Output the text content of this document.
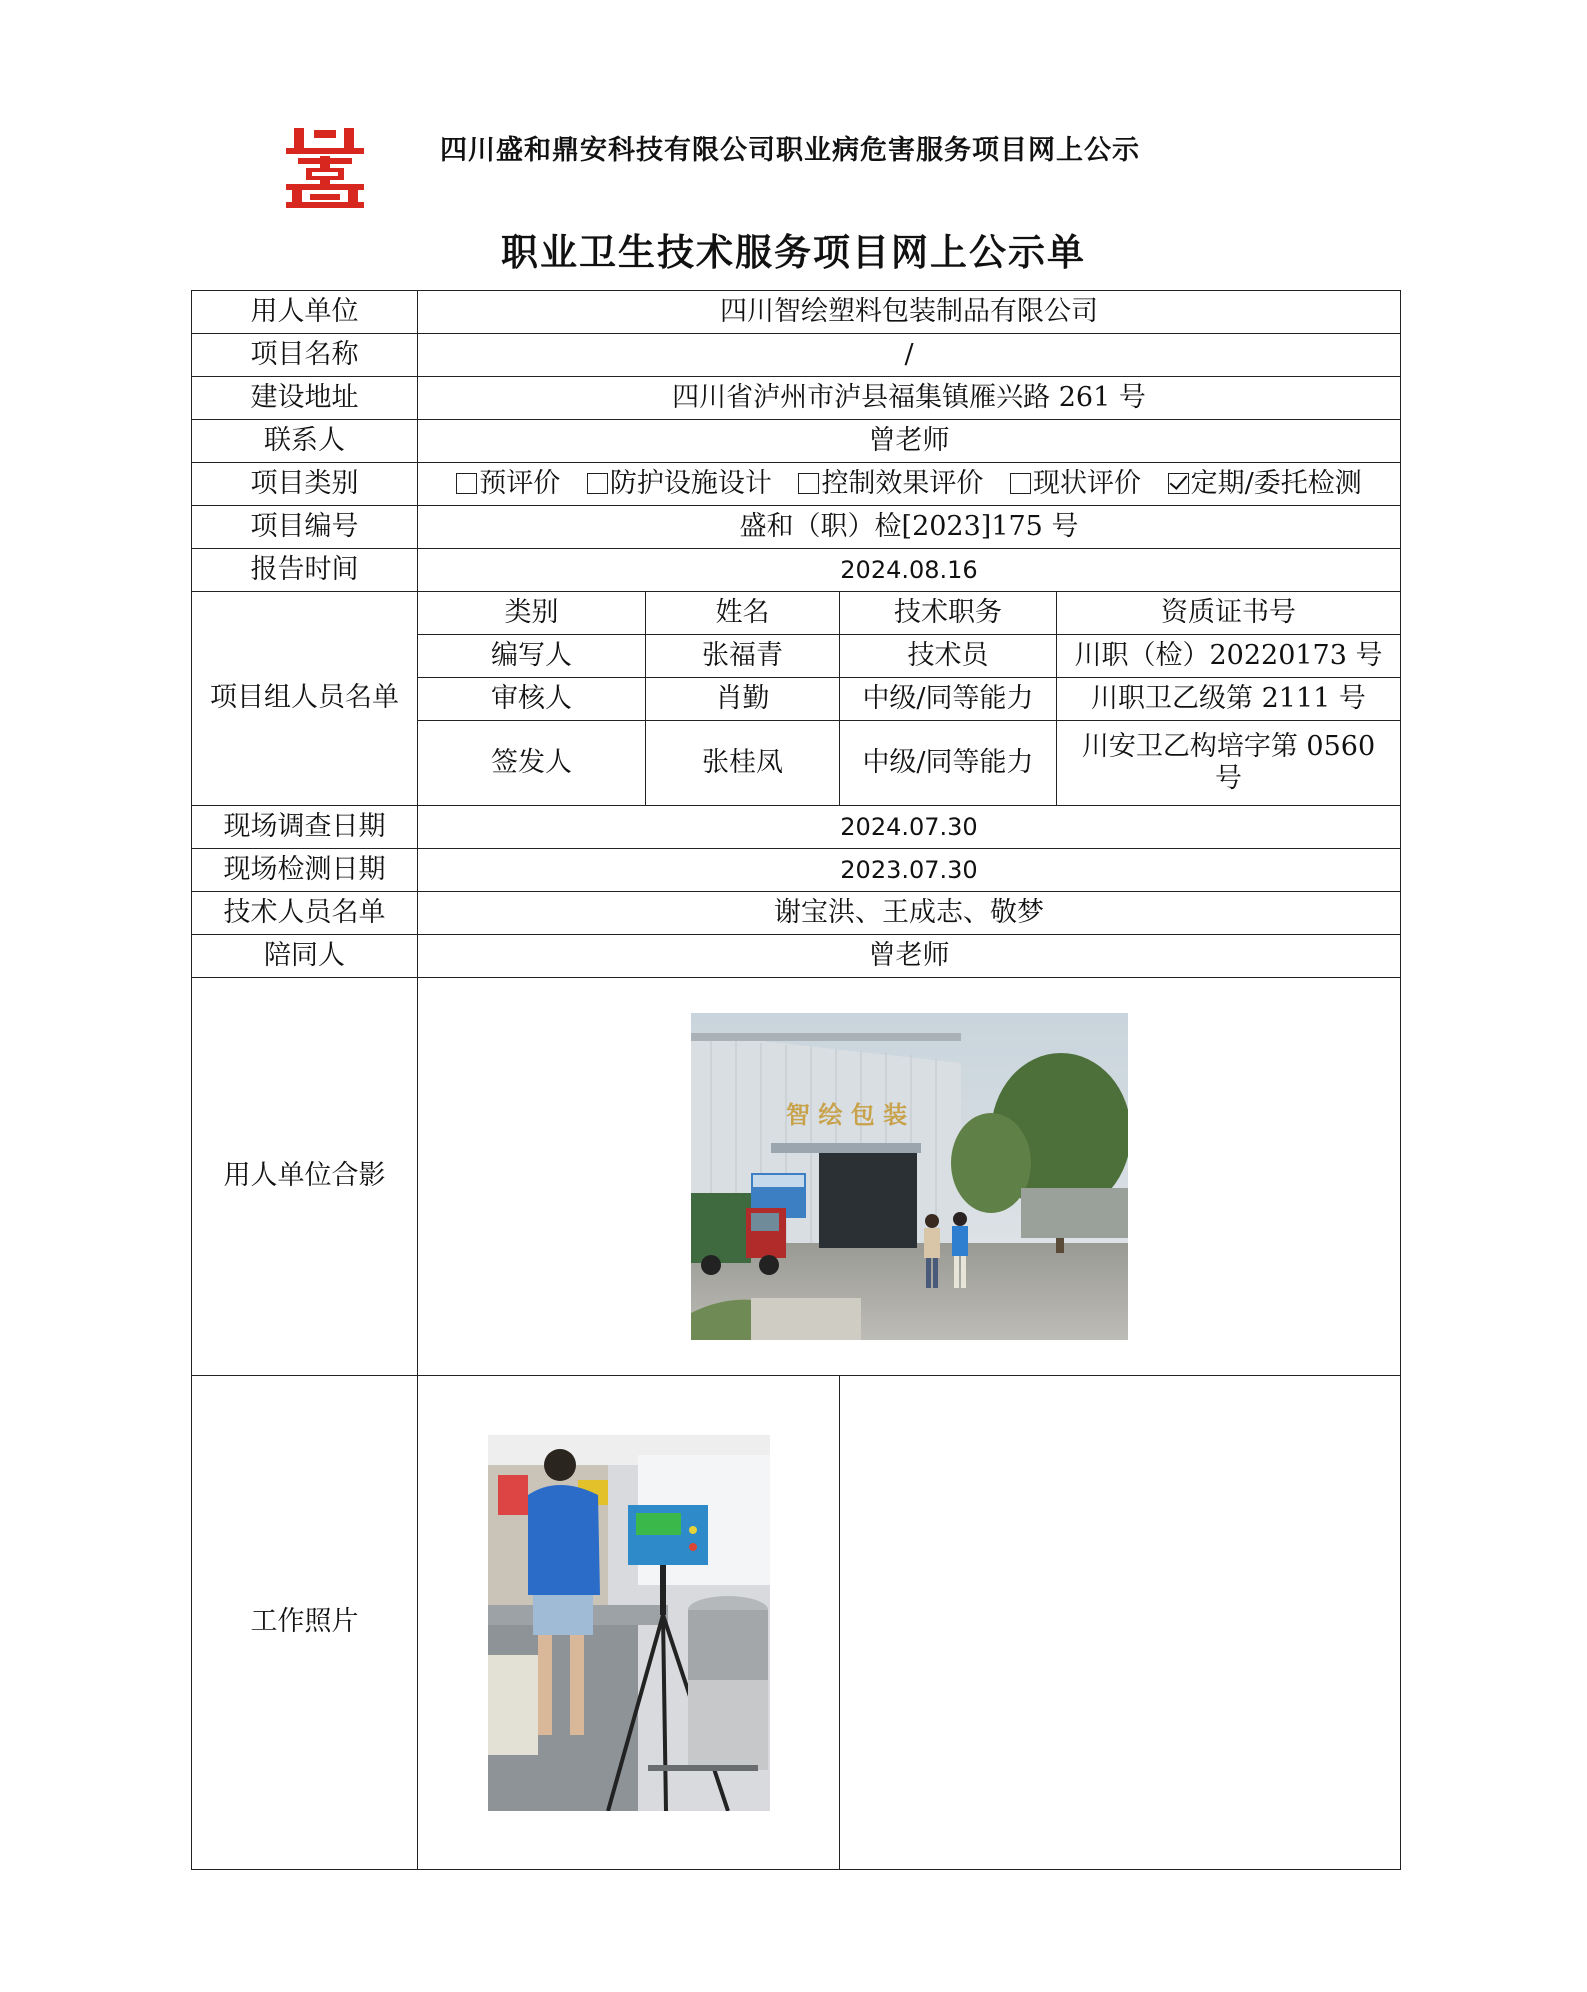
四川盛和鼎安科技有限公司职业病危害服务项目网上公示
职业卫生技术服务项目网上公示单
用人单位	四川智绘塑料包装制品有限公司			
项目名称	/			
建设地址	四川省泸州市泸县福集镇雁兴路 261 号			
联系人	曾老师			
项目类别	预评价 防护设施设计 控制效果评价 现状评价 定期/委托检测			
项目编号	盛和（职）检[2023]175 号			
报告时间	2024.08.16			
项目组人员名单	类别	姓名	技术职务	资质证书号
	编写人	张福青	技术员	川职（检）20220173 号
	审核人	肖勤	中级/同等能力	川职卫乙级第 2111 号
	签发人	张桂凤	中级/同等能力	川安卫乙构培字第 0560 号
现场调查日期	2024.07.30			
现场检测日期	2023.07.30			
技术人员名单	谢宝洪、王成志、敬梦			
陪同人	曾老师			
用人单位合影	智 绘 包 装			

工作照片	
